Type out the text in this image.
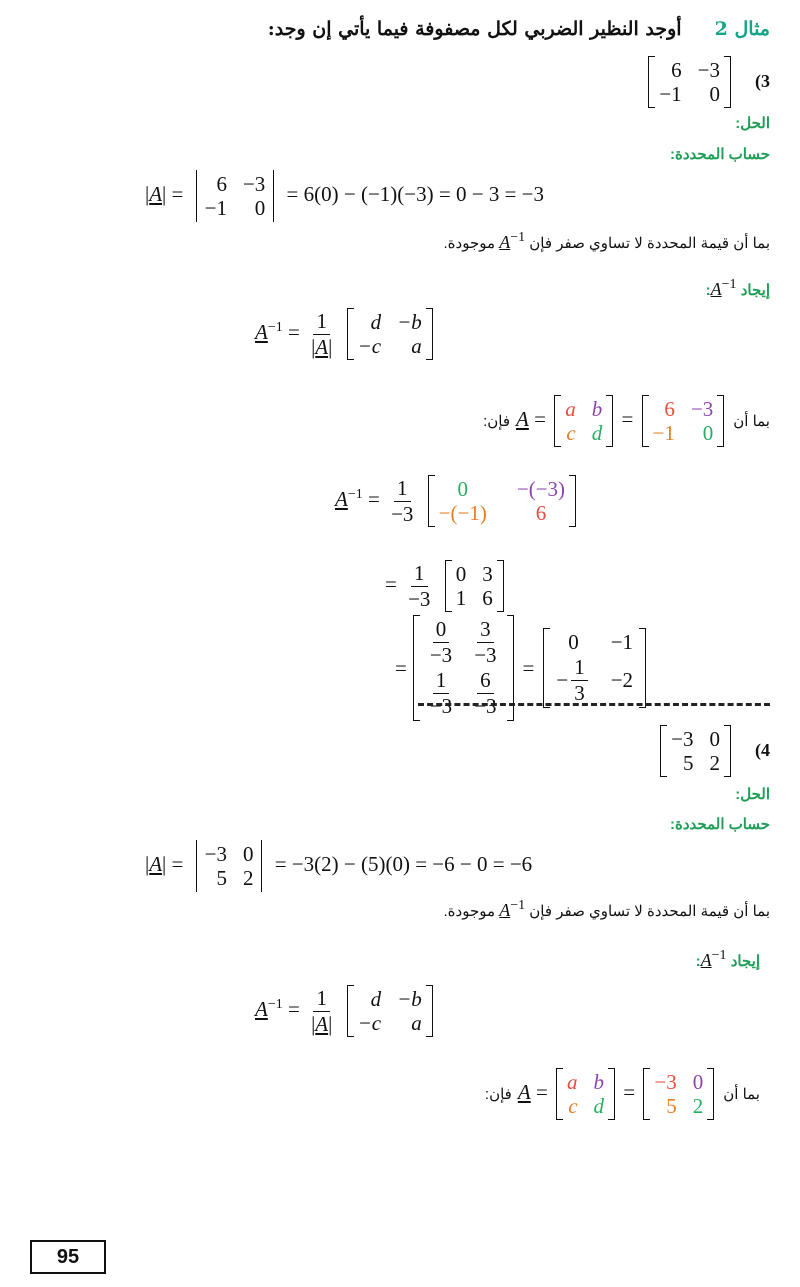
مثال 2     أوجد النظير الضربي لكل مصفوفة فيما يأتي إن وجد:
6 −3
−1	0
(3
الحل:
حساب المحددة:
|A| =	6 −3
−1	0
= 6(0) − (−1)(−3) = 0 − 3 = −3
بما أن قيمة المحددة لا تساوي صفر فإن $A^{-1}$ موجودة.
إيجاد $A^{-1}$:
$A^{-1} = \frac{1}{|A|}$
	d −b
−c	a
بما أن
A = a b
c d
=	6 −3
−1	0
فإن:
$A^{-1} = \frac{1}{-3}$
	0	−(−3)
−(−1)	6
= $\frac{1}{-3}$
0 3
1 6
= $\frac{0}{-3} \frac{3}{-3}$
$\frac{1}{-3} \frac{6}{-3}$
=
0	−1
− $\frac{1}{3} -2$
−3 0
5 2
(4
الحل:
حساب المحددة:
|A| = −3 0
5 2
= −3(2) − (5)(0) = −6 − 0 = −6
بما أن قيمة المحددة لا تساوي صفر فإن $A^{-1}$ موجودة.
إيجاد $A^{-1}$:
$A^{-1} = \frac{1}{|A|}$
	d −b
−c	a
بما أن
A = a b
c d
= −3 0
5 2
فإن:
95
